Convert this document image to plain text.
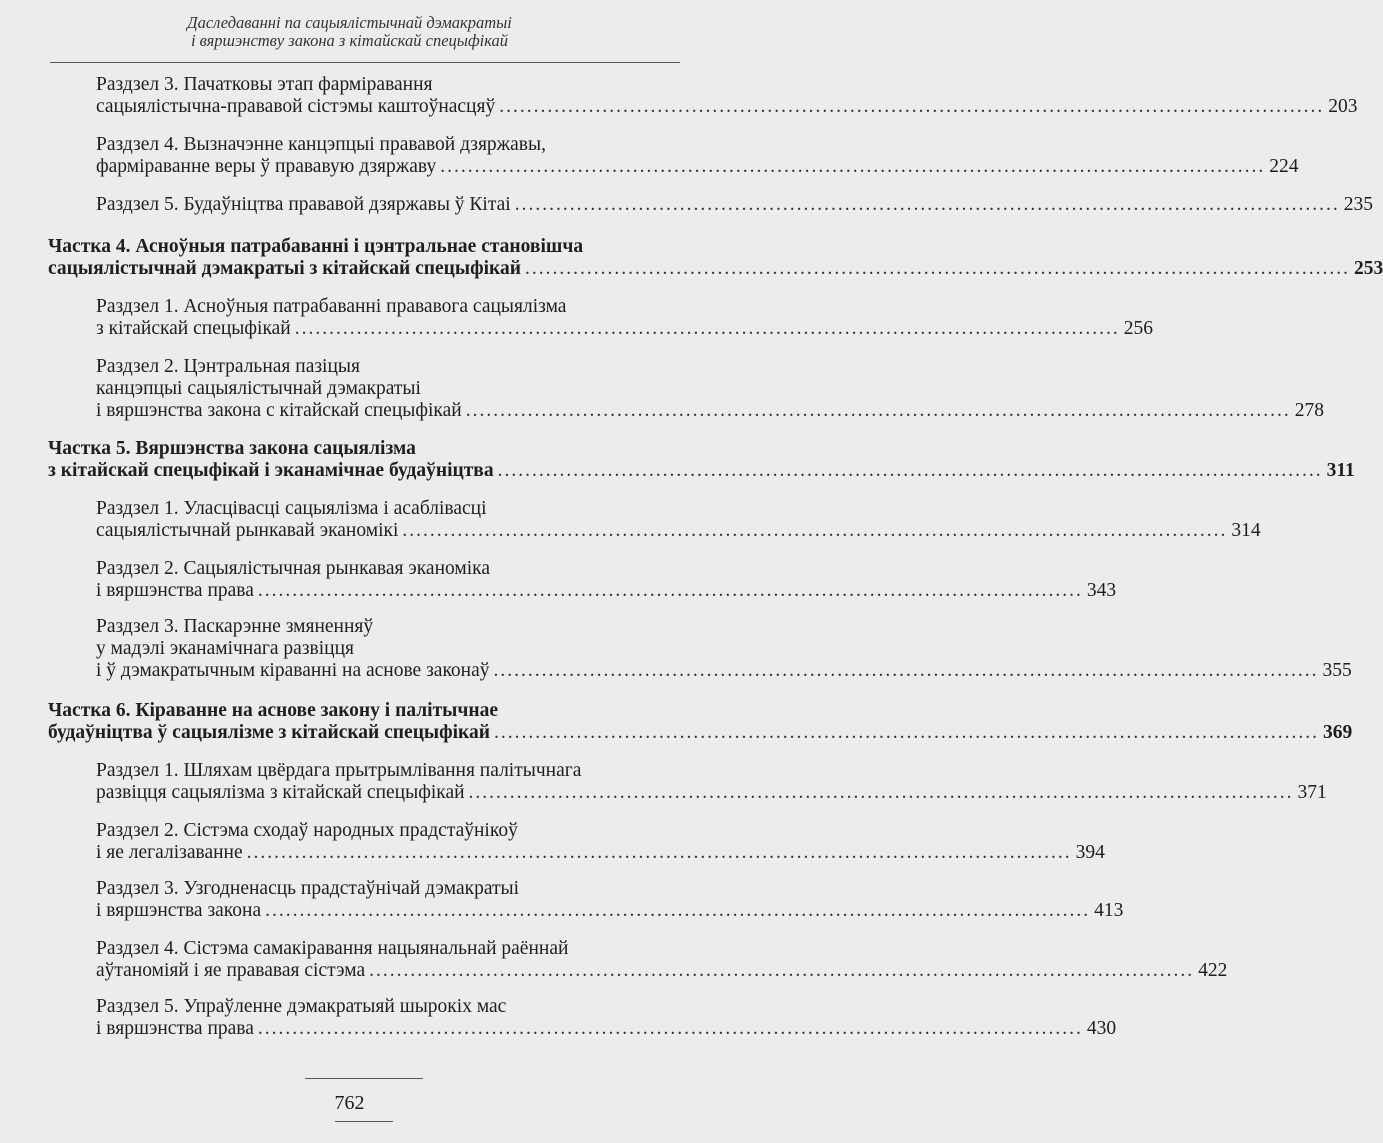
Даследаванні па сацыялістычнай дэмакратыі
і вяршэнству закона з кітайскай спецыфікай
Раздзел 3. Пачатковы этап фарміравання
сацыялістычна-прававой сістэмы каштоўнасцяў ........................................................................................................................ 203
Раздзел 4. Вызначэнне канцэпцыі прававой дзяржавы,
фарміраванне веры ў прававую дзяржаву ........................................................................................................................ 224
Раздзел 5. Будаўніцтва прававой дзяржавы ў Кітаі ........................................................................................................................ 235
Частка 4. Асноўныя патрабаванні і цэнтральнае становішча
сацыялістычнай дэмакратыі з кітайскай спецыфікай ........................................................................................................................ 253
Раздзел 1. Асноўныя патрабаванні прававога сацыялізма
з кітайскай спецыфікай ........................................................................................................................ 256
Раздзел 2. Цэнтральная пазіцыя
канцэпцыі сацыялістычнай дэмакратыі
і вяршэнства закона с кітайскай спецыфікай ........................................................................................................................ 278
Частка 5. Вяршэнства закона сацыялізма
з кітайскай спецыфікай і эканамічнае будаўніцтва ........................................................................................................................ 311
Раздзел 1. Уласцівасці сацыялізма і асаблівасці
сацыялістычнай рынкавай эканомікі ........................................................................................................................ 314
Раздзел 2. Сацыялістычная рынкавая эканоміка
і вяршэнства права ........................................................................................................................ 343
Раздзел 3. Паскарэнне змяненняў
у мадэлі эканамічнага развіцця
і ў дэмакратычным кіраванні на аснове законаў ........................................................................................................................ 355
Частка 6. Кіраванне на аснове закону і палітычнае
будаўніцтва ў сацыялізме з кітайскай спецыфікай ........................................................................................................................ 369
Раздзел 1. Шляхам цвёрдага прытрымлівання палітычнага
развіцця сацыялізма з кітайскай спецыфікай ........................................................................................................................ 371
Раздзел 2. Сістэма сходаў народных прадстаўнікоў
і яе легалізаванне ........................................................................................................................ 394
Раздзел 3. Узгодненасць прадстаўнічай дэмакратыі
і вяршэнства закона ........................................................................................................................ 413
Раздзел 4. Сістэма самакіравання нацыянальнай раённай
аўтаноміяй і яе прававая сістэма ........................................................................................................................ 422
Раздзел 5. Упраўленне дэмакратыяй шырокіх мас
і вяршэнства права ........................................................................................................................ 430
762
